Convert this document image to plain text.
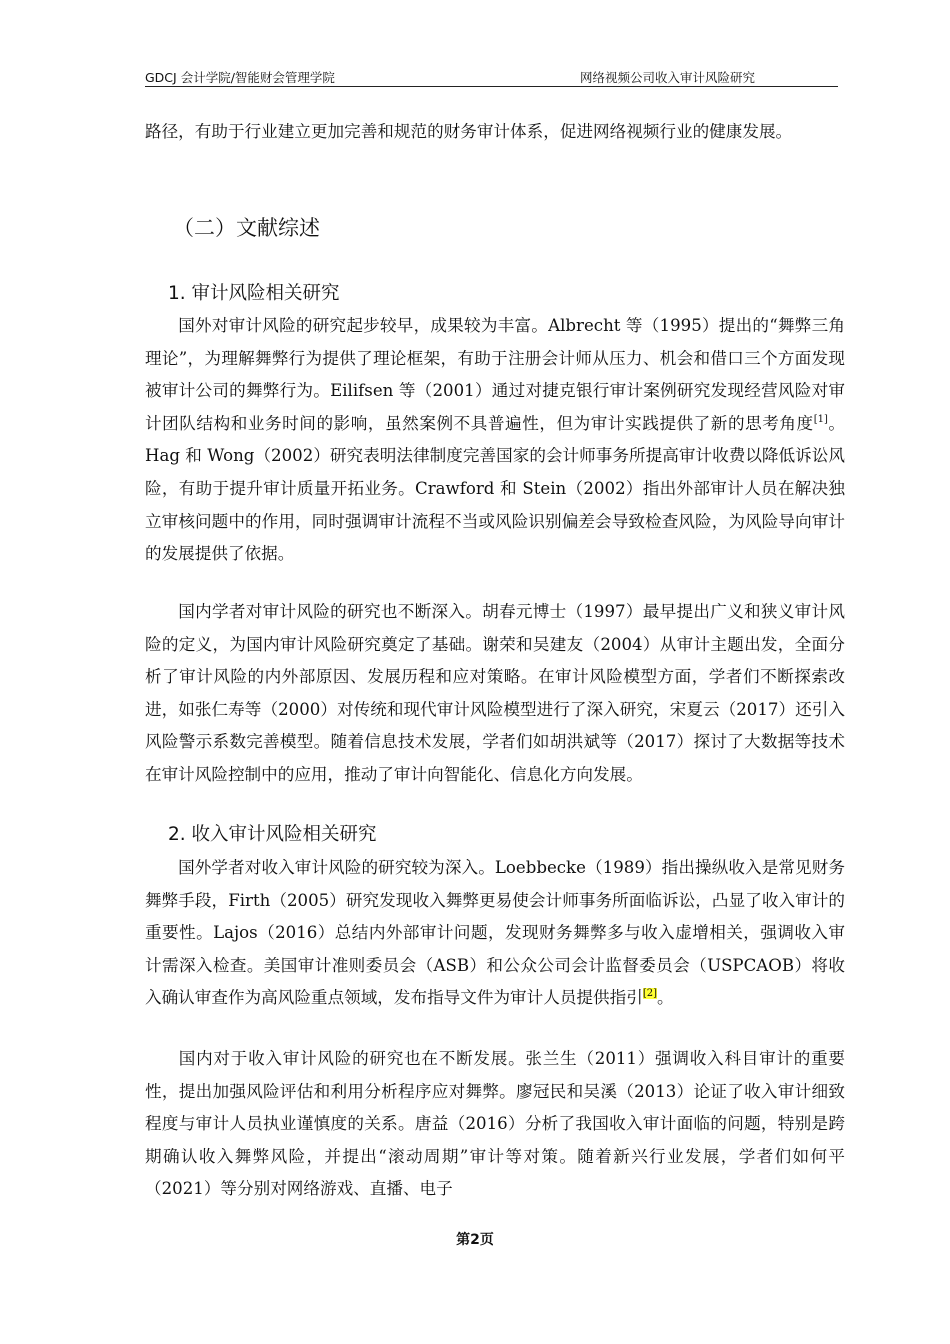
GDCJ 会计学院/智能财会管理学院	网络视频公司收入审计风险研究

路径，有助于行业建立更加完善和规范的财务审计体系，促进网络视频行业的健康发展。

（二）文献综述
1. 审计风险相关研究

国外对审计风险的研究起步较早，成果较为丰富。Albrecht 等（1995）提出的“舞弊三角理论”，为理解舞弊行为提供了理论框架，有助于注册会计师从压力、机会和借口三个方面发现被审计公司的舞弊行为。Eilifsen 等（2001）通过对捷克银行审计案例研究发现经营风险对审计团队结构和业务时间的影响，虽然案例不具普遍性，但为审计实践提供了新的思考角度[1]。Hag 和 Wong（2002）研究表明法律制度完善国家的会计师事务所提高审计收费以降低诉讼风险，有助于提升审计质量开拓业务。Crawford 和 Stein（2002）指出外部审计人员在解决独立审核问题中的作用，同时强调审计流程不当或风险识别偏差会导致检查风险，为风险导向审计的发展提供了依据。

国内学者对审计风险的研究也不断深入。胡春元博士（1997）最早提出广义和狭义审计风险的定义，为国内审计风险研究奠定了基础。谢荣和吴建友（2004）从审计主题出发，全面分析了审计风险的内外部原因、发展历程和应对策略。在审计风险模型方面，学者们不断探索改进，如张仁寿等（2000）对传统和现代审计风险模型进行了深入研究，宋夏云（2017）还引入风险警示系数完善模型。随着信息技术发展，学者们如胡洪斌等（2017）探讨了大数据等技术在审计风险控制中的应用，推动了审计向智能化、信息化方向发展。

2. 收入审计风险相关研究

国外学者对收入审计风险的研究较为深入。Loebbecke（1989）指出操纵收入是常见财务舞弊手段，Firth（2005）研究发现收入舞弊更易使会计师事务所面临诉讼，凸显了收入审计的重要性。Lajos（2016）总结内外部审计问题，发现财务舞弊多与收入虚增相关，强调收入审计需深入检查。美国审计准则委员会（ASB）和公众公司会计监督委员会（USPCAOB）将收入确认审查作为高风险重点领域，发布指导文件为审计人员提供指引[2]。

国内对于收入审计风险的研究也在不断发展。张兰生（2011）强调收入科目审计的重要性，提出加强风险评估和利用分析程序应对舞弊。廖冠民和吴溪（2013）论证了收入审计细致程度与审计人员执业谨慎度的关系。唐益（2016）分析了我国收入审计面临的问题，特别是跨期确认收入舞弊风险，并提出“滚动周期”审计等对策。随着新兴行业发展，学者们如何平（2021）等分别对网络游戏、直播、电子

第2页
